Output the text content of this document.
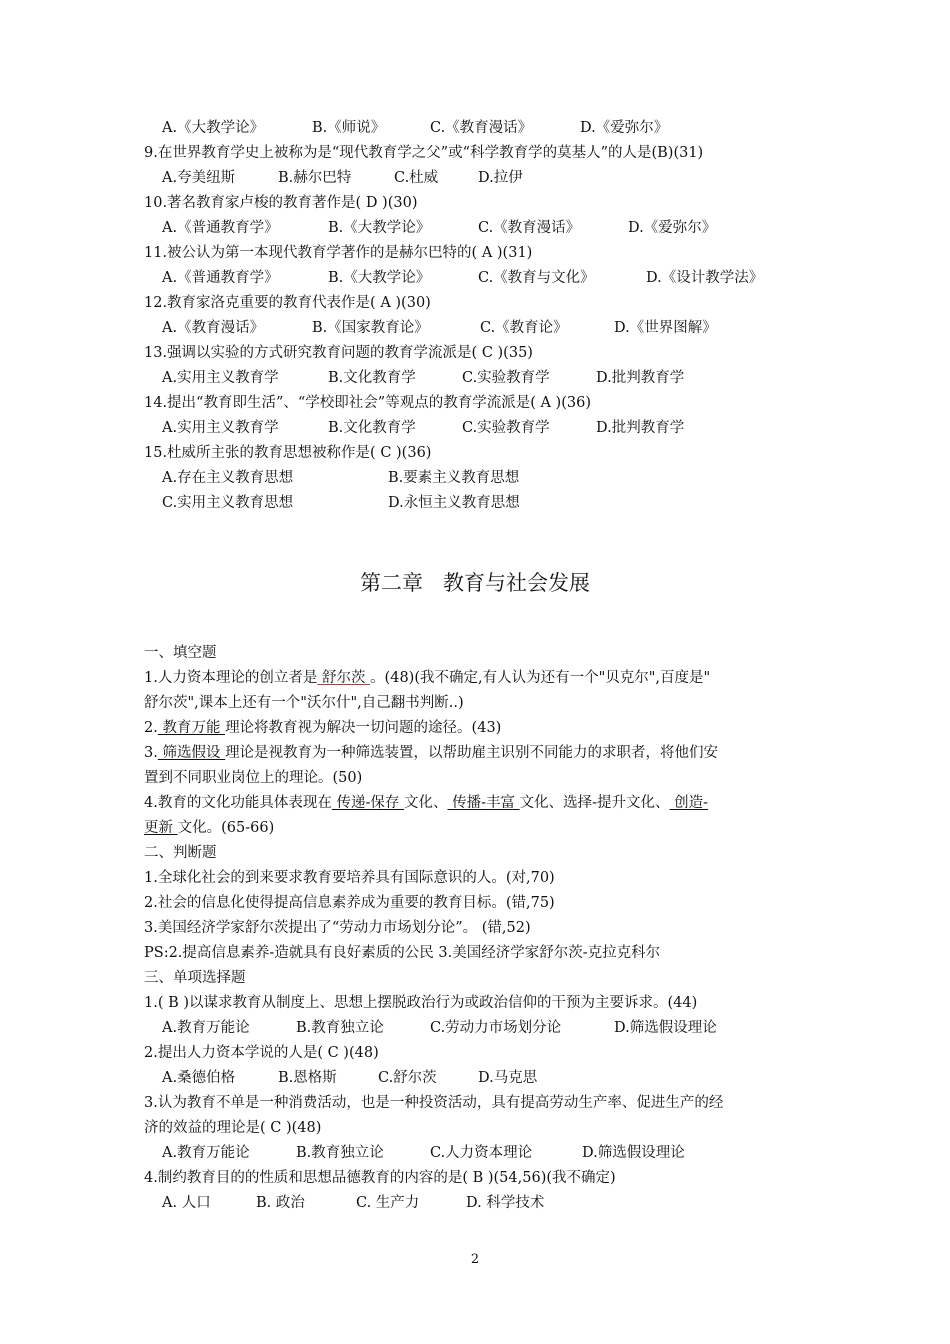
A.《大教学论》	B.《师说》	C.《教育漫话》	D.《爱弥尔》
9.在世界教育学史上被称为是“现代教育学之父”或“科学教育学的莫基人”的人是(B)(31)
A.夸美纽斯	B.赫尔巴特	C.杜威	D.拉伊
10.著名教育家卢梭的教育著作是( D )(30)
A.《普通教育学》	B.《大教学论》	C.《教育漫话》	D.《爱弥尔》
11.被公认为第一本现代教育学著作的是赫尔巴特的( A )(31)
A.《普通教育学》	B.《大教学论》	C.《教育与文化》	D.《设计教学法》
12.教育家洛克重要的教育代表作是( A )(30)
A.《教育漫话》	B.《国家教育论》	C.《教育论》	D.《世界图解》
13.强调以实验的方式研究教育问题的教育学流派是( C )(35)
A.实用主义教育学	B.文化教育学	C.实验教育学	D.批判教育学
14.提出“教育即生活”、“学校即社会”等观点的教育学流派是( A )(36)
A.实用主义教育学	B.文化教育学	C.实验教育学	D.批判教育学
15.杜威所主张的教育思想被称作是( C )(36)
A.存在主义教育思想	B.要素主义教育思想
C.实用主义教育思想	D.永恒主义教育思想
第二章   教育与社会发展
一、填空题
1.人力资本理论的创立者是 舒尔茨 。(48)(我不确定,有人认为还有一个"贝克尔",百度是"
舒尔茨",课本上还有一个"沃尔什",自己翻书判断..)
2. 教育万能 理论将教育视为解决一切问题的途径。(43)
3. 筛选假设 理论是视教育为一种筛选装置，以帮助雇主识别不同能力的求职者，将他们安
置到不同职业岗位上的理论。(50)
4.教育的文化功能具体表现在 传递-保存 文化、 传播-丰富 文化、选择-提升文化、 创造-
更新 文化。(65-66)
二、判断题
1.全球化社会的到来要求教育要培养具有国际意识的人。(对,70)
2.社会的信息化使得提高信息素养成为重要的教育目标。(错,75)
3.美国经济学家舒尔茨提出了“劳动力市场划分论”。 (错,52)
PS:2.提高信息素养-造就具有良好素质的公民 3.美国经济学家舒尔茨-克拉克科尔
三、单项选择题
1.( B )以谋求教育从制度上、思想上摆脱政治行为或政治信仰的干预为主要诉求。(44)
A.教育万能论	B.教育独立论	C.劳动力市场划分论	D.筛选假设理论
2.提出人力资本学说的人是( C )(48)
A.桑德伯格	B.恩格斯	C.舒尔茨	D.马克思
3.认为教育不单是一种消费活动，也是一种投资活动，具有提高劳动生产率、促进生产的经
济的效益的理论是( C )(48)
A.教育万能论	B.教育独立论	C.人力资本理论	D.筛选假设理论
4.制约教育目的的性质和思想品德教育的内容的是( B )(54,56)(我不确定)
A. 人口	B. 政治	C. 生产力	D. 科学技术
2
